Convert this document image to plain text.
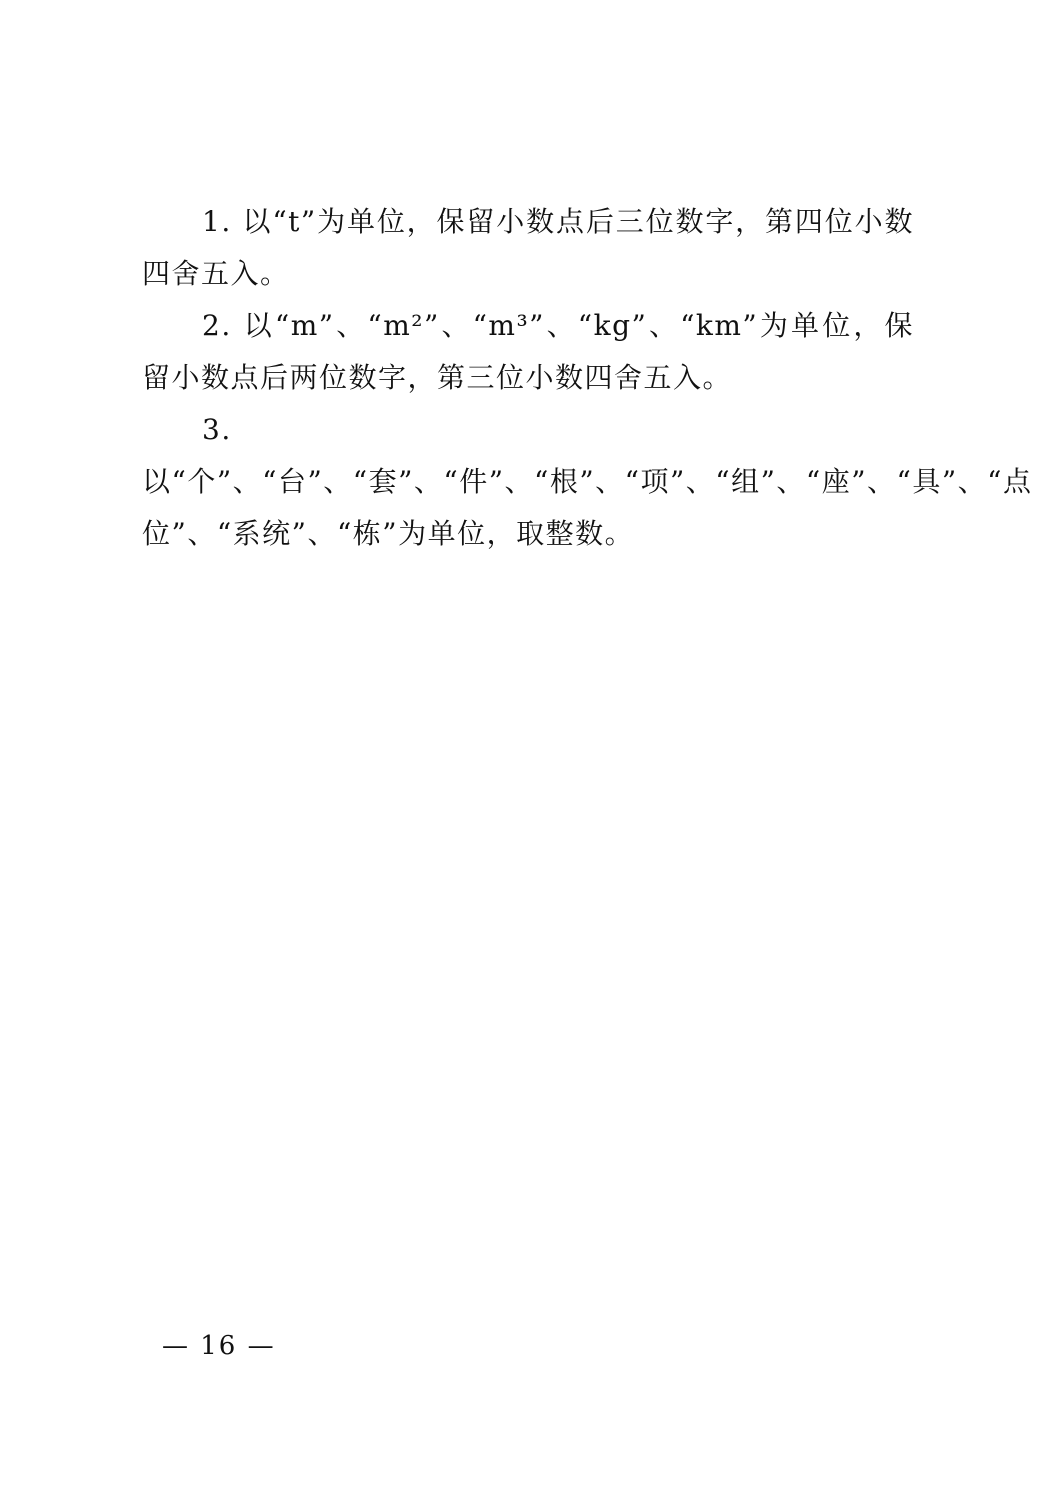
1. 以“t”为单位，保留小数点后三位数字，第四位小数四舍五入。

2. 以“m”、“m²”、“m³”、“kg”、“km”为单位，保留小数点后两位数字，第三位小数四舍五入。

3. 以“个”、“台”、“套”、“件”、“根”、“项”、“组”、“座”、“具”、“点位”、“系统”、“栋”为单位，取整数。

— 16 —
